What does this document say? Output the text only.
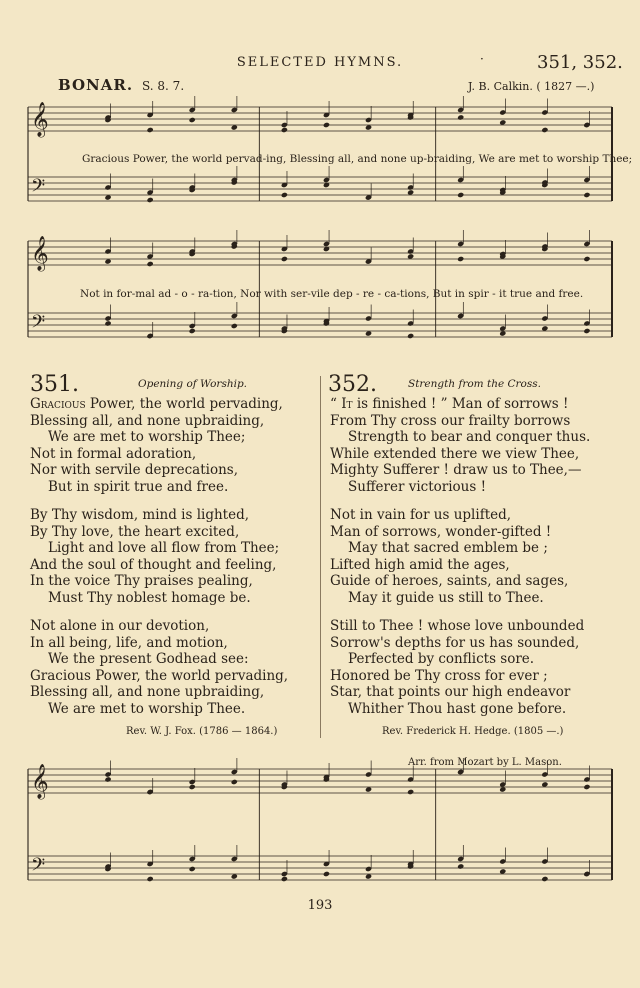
SELECTED HYMNS.	·	351, 352.
BONAR. S. 8. 7.	J. B. Calkin. ( 1827 —.)
𝄞
𝄢
𝄞
𝄢
𝄞
𝄢
Gracious Power, the world pervad-ing, Blessing all, and none up-braiding, We are met to worship Thee;
Not in for-mal ad - o - ra-tion, Nor with ser-vile dep - re - ca-tions, But in spir - it true and free.
351.	Opening of Worship.
Gracious Power, the world pervading,
Blessing all, and none upbraiding,
We are met to worship Thee;
Not in formal adoration,
Nor with servile deprecations,
But in spirit true and free.
By Thy wisdom, mind is lighted,
By Thy love, the heart excited,
Light and love all flow from Thee;
And the soul of thought and feeling,
In the voice Thy praises pealing,
Must Thy noblest homage be.
Not alone in our devotion,
In all being, life, and motion,
We the present Godhead see:
Gracious Power, the world pervading,
Blessing all, and none upbraiding,
We are met to worship Thee.
Rev. W. J. Fox. (1786 — 1864.)
352.	Strength from the Cross.
“ It is finished ! ” Man of sorrows !
From Thy cross our frailty borrows
Strength to bear and conquer thus.
While extended there we view Thee,
Mighty Sufferer ! draw us to Thee,—
Sufferer victorious !
Not in vain for us uplifted,
Man of sorrows, wonder-gifted !
May that sacred emblem be ;
Lifted high amid the ages,
Guide of heroes, saints, and sages,
May it guide us still to Thee.
Still to Thee ! whose love unbounded
Sorrow's depths for us has sounded,
Perfected by conflicts sore.
Honored be Thy cross for ever ;
Star, that points our high endeavor
Whither Thou hast gone before.
Rev. Frederick H. Hedge. (1805 —.)
Arr. from Mozart by L. Mason.
193
